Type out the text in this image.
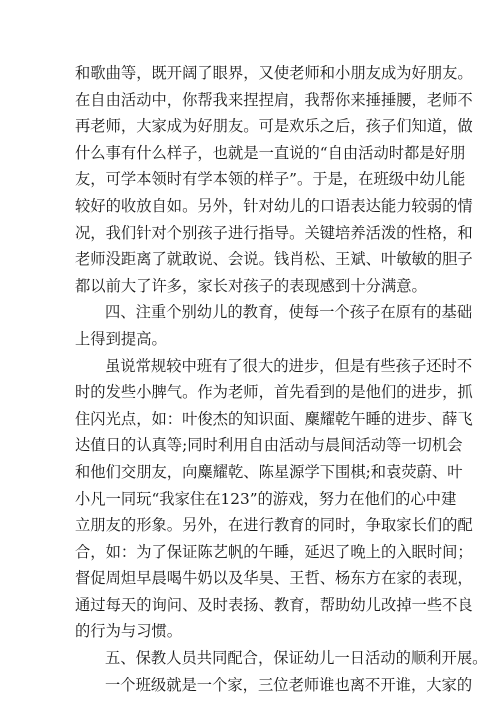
和歌曲等，既开阔了眼界，又使老师和小朋友成为好朋友。
在自由活动中，你帮我来捏捏肩，我帮你来捶捶腰，老师不
再老师，大家成为好朋友。可是欢乐之后，孩子们知道，做
什么事有什么样子，也就是一直说的“自由活动时都是好朋
友，可学本领时有学本领的样子”。于是，在班级中幼儿能
较好的收放自如。另外，针对幼儿的口语表达能力较弱的情
况，我们针对个别孩子进行指导。关键培养活泼的性格，和
老师没距离了就敢说、会说。钱肖松、王斌、叶敏敏的胆子
都以前大了许多，家长对孩子的表现感到十分满意。
四、注重个别幼儿的教育，使每一个孩子在原有的基础
上得到提高。
虽说常规较中班有了很大的进步，但是有些孩子还时不
时的发些小脾气。作为老师，首先看到的是他们的进步，抓
住闪光点，如：叶俊杰的知识面、麋耀乾午睡的进步、薛飞
达值日的认真等;同时利用自由活动与晨间活动等一切机会
和他们交朋友，向麋耀乾、陈星源学下围棋;和袁荧蔚、叶
小凡一同玩“我家住在123”的游戏，努力在他们的心中建
立朋友的形象。另外，在进行教育的同时，争取家长们的配
合，如：为了保证陈艺帆的午睡，延迟了晚上的入眠时间；
督促周炟早晨喝牛奶以及华昊、王哲、杨东方在家的表现，
通过每天的询问、及时表扬、教育，帮助幼儿改掉一些不良
的行为与习惯。
五、保教人员共同配合，保证幼儿一日活动的顺利开展。
一个班级就是一个家，三位老师谁也离不开谁，大家的
